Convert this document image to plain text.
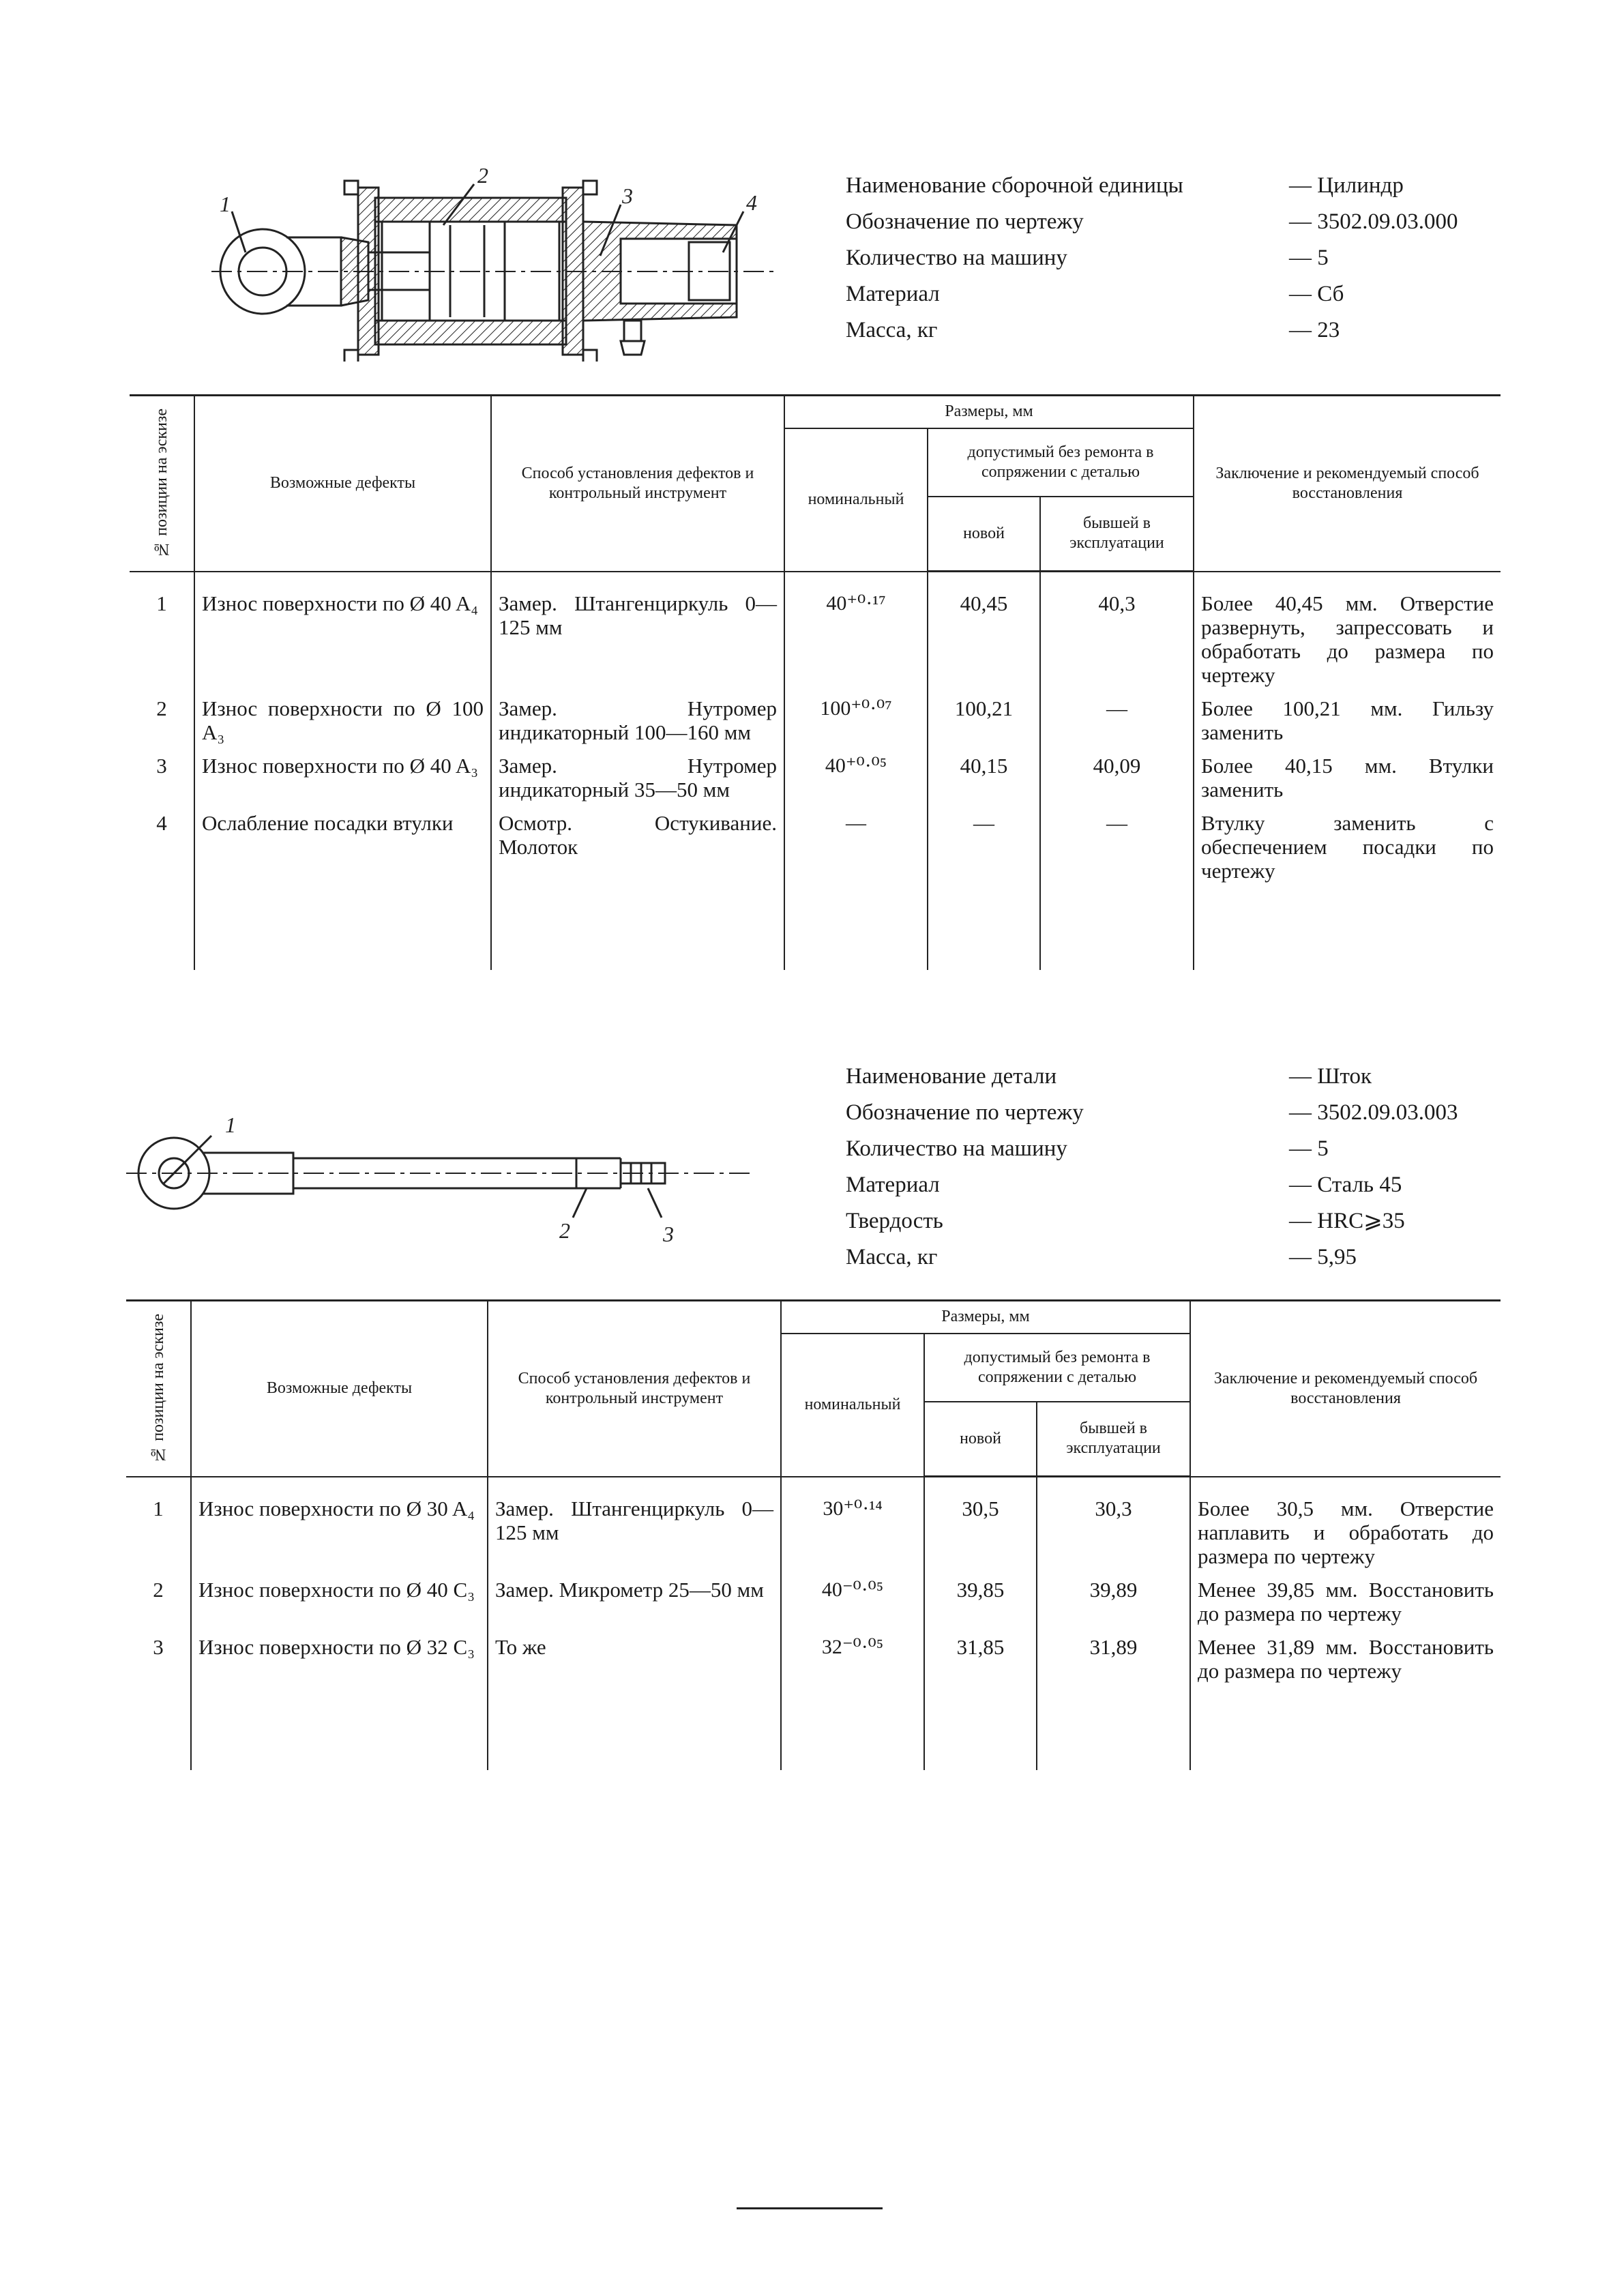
1
2
3	4
Наименование сборочной единицы	— Цилиндр
Обозначение по чертежу	— 3502.09.03.000
Количество на машину	— 5
Материал	— Сб
Масса, кг	— 23
№ позиции на эскизе	Возможные дефекты	Способ установления дефектов и контрольный инструмент	Размеры, мм			Заключение и рекомендуемый способ восстановления
			номинальный	допустимый без ремонта в сопряжении с деталью		
				новой	бывшей в эксплуатации	
1	Износ поверхности по Ø 40 A₄	Замер. Штангенциркуль 0—125 мм	40⁺⁰·¹⁷	40,45	40,3	Более 40,45 мм. Отверстие развернуть, запрессовать и обработать до размера по чертежу
2	Износ поверхности по Ø 100 A₃	Замер. Нутромер индикаторный 100—160 мм	100⁺⁰·⁰⁷	100,21	—	Более 100,21 мм. Гильзу заменить
3	Износ поверхности по Ø 40 A₃	Замер. Нутромер индикаторный 35—50 мм	40⁺⁰·⁰⁵	40,15	40,09	Более 40,15 мм. Втулки заменить
4	Ослабление посадки втулки	Осмотр. Остукивание. Молоток	—	—	—	Втулку заменить с обеспечением посадки по чертежу

1
2	3
Наименование детали	— Шток
Обозначение по чертежу	— 3502.09.03.003
Количество на машину	— 5
Материал	— Сталь 45
Твердость	— HRC⩾35
Масса, кг	— 5,95
№ позиции на эскизе	Возможные дефекты	Способ установления дефектов и контрольный инструмент	Размеры, мм			Заключение и рекомендуемый способ восстановления
			номинальный	допустимый без ремонта в сопряжении с деталью		
				новой	бывшей в эксплуатации	
1	Износ поверхности по Ø 30 A₄	Замер. Штангенциркуль 0—125 мм	30⁺⁰·¹⁴	30,5	30,3	Более 30,5 мм. Отверстие наплавить и обработать до размера по чертежу
2	Износ поверхности по Ø 40 C₃	Замер. Микрометр 25—50 мм	40⁻⁰·⁰⁵	39,85	39,89	Менее 39,85 мм. Восстановить до размера по чертежу
3	Износ поверхности по Ø 32 C₃	То же	32⁻⁰·⁰⁵	31,85	31,89	Менее 31,89 мм. Восстановить до размера по чертежу
